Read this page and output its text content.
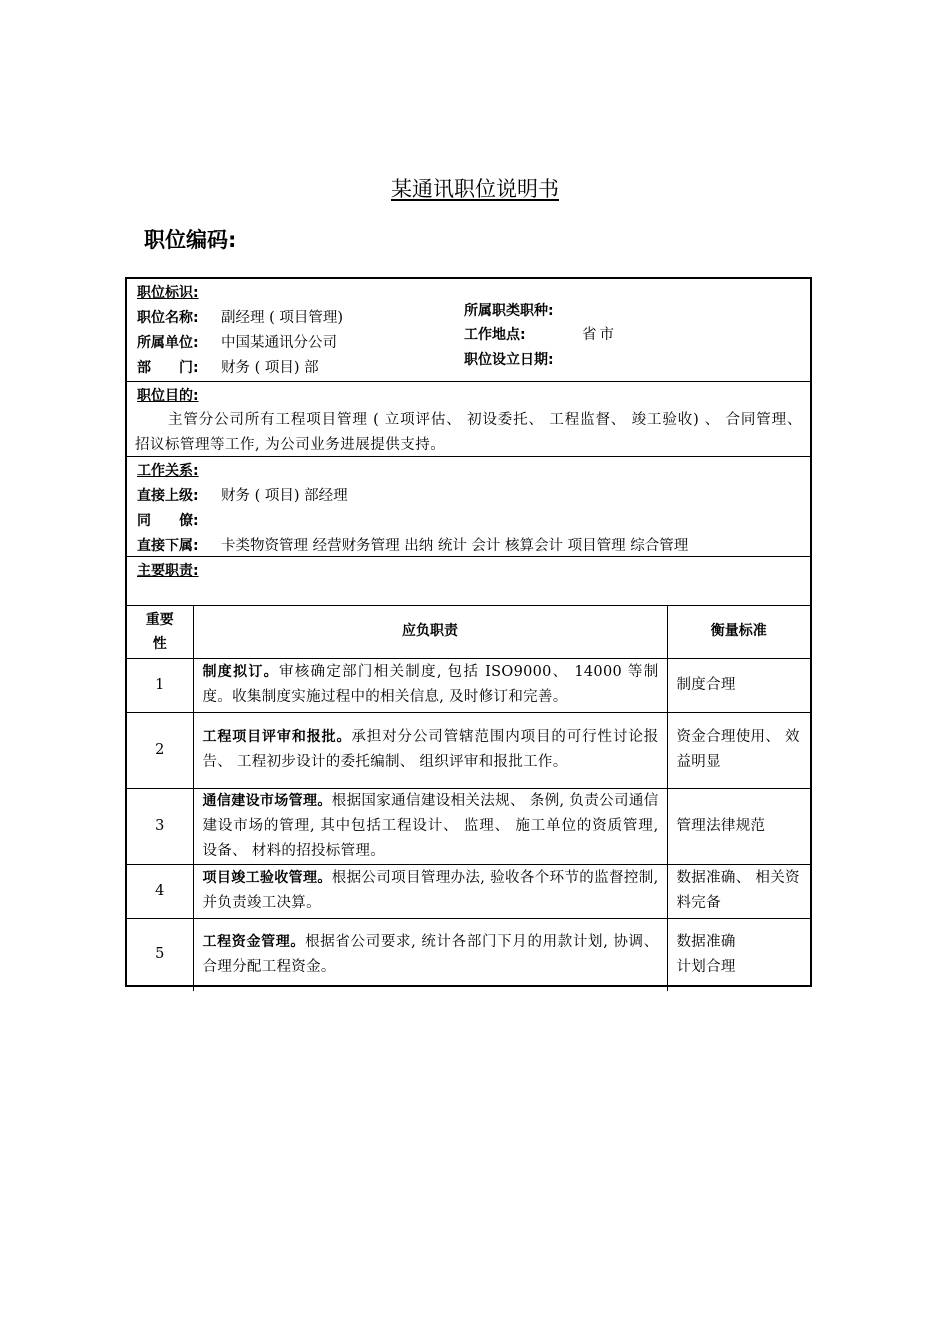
某通讯职位说明书
职位编码:
职位标识:
职位名称: 副经理 ( 项目管理)
所属单位: 中国某通讯分公司
部　　门: 财务 ( 项目) 部
所属职类职种:
工作地点:	省市
职位设立日期:
职位目的:
主管分公司所有工程项目管理 ( 立项评估、 初设委托、 工程监督、 竣工验收) 、 合同管理、 招议标管理等工作, 为公司业务进展提供支持。
工作关系:
直接上级: 财务 ( 项目) 部经理
同　　僚:
直接下属: 卡类物资管理 经营财务管理 出纳 统计 会计 核算会计 项目管理 综合管理
主要职责:
重要性	应负职责	衡量标准
1	制度拟订。审核确定部门相关制度, 包括 ISO9000、 14000 等制度。收集制度实施过程中的相关信息, 及时修订和完善。	制度合理
2	工程项目评审和报批。承担对分公司管辖范围内项目的可行性讨论报告、 工程初步设计的委托编制、 组织评审和报批工作。	资金合理使用、 效益明显
3	通信建设市场管理。根据国家通信建设相关法规、 条例, 负责公司通信建设市场的管理, 其中包括工程设计、 监理、 施工单位的资质管理, 设备、 材料的招投标管理。	管理法律规范
4	项目竣工验收管理。根据公司项目管理办法, 验收各个环节的监督控制, 并负责竣工决算。	数据准确、 相关资料完备
5	工程资金管理。根据省公司要求, 统计各部门下月的用款计划, 协调、 合理分配工程资金。	数据准确
计划合理
